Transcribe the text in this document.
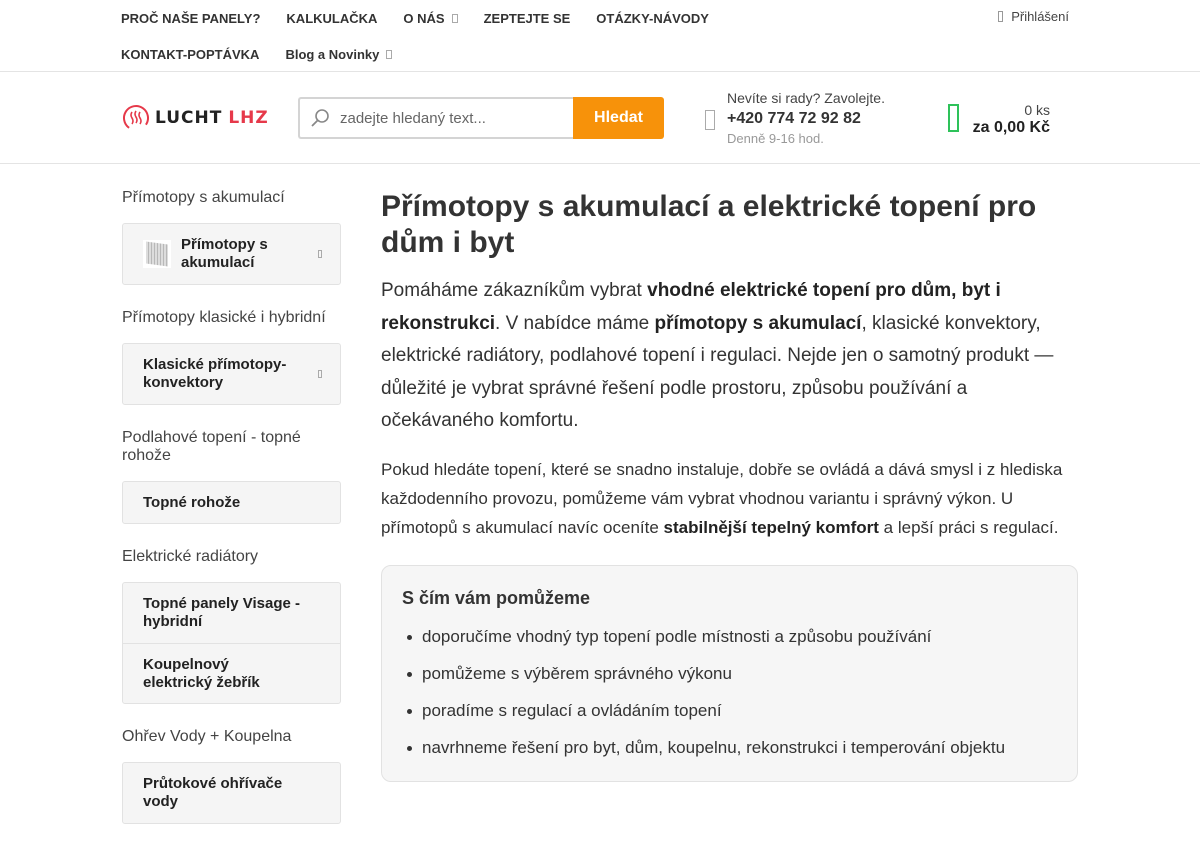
PROČ NAŠE PANELY? KALKULAČKA O NÁS	ZEPTEJTE SE OTÁZKY-NÁVODY
KONTAKT-POPTÁVKA Blog a Novinky
Přihlášení
LUCHT LHZ
zadejte hledaný text...	Hledat
Nevíte si rady? Zavolejte.
+420 774 72 92 82
Denně 9-16 hod.
0 ks
za 0,00 Kč
Přímotopy s akumulací
Přímotopy s akumulací
Přímotopy klasické i hybridní
Klasické přímotopy-konvektory
Podlahové topení - topné rohože
Topné rohože
Elektrické radiátory
Topné panely Visage - hybridní
Koupelnový elektrický žebřík
Ohřev Vody + Koupelna
Průtokové ohřívače vody
Přímotopy s akumulací a elektrické topení pro dům i byt

Pomáháme zákazníkům vybrat vhodné elektrické topení pro dům, byt i rekonstrukci. V nabídce máme přímotopy s akumulací, klasické konvektory, elektrické radiátory, podlahové topení i regulaci. Nejde jen o samotný produkt — důležité je vybrat správné řešení podle prostoru, způsobu používání a očekávaného komfortu.

Pokud hledáte topení, které se snadno instaluje, dobře se ovládá a dává smysl i z hlediska každodenního provozu, pomůžeme vám vybrat vhodnou variantu i správný výkon. U přímotopů s akumulací navíc oceníte stabilnější tepelný komfort a lepší práci s regulací.

S čím vám pomůžeme
doporučíme vhodný typ topení podle místnosti a způsobu používání
pomůžeme s výběrem správného výkonu
poradíme s regulací a ovládáním topení
navrhneme řešení pro byt, dům, koupelnu, rekonstrukci i temperování objektu
